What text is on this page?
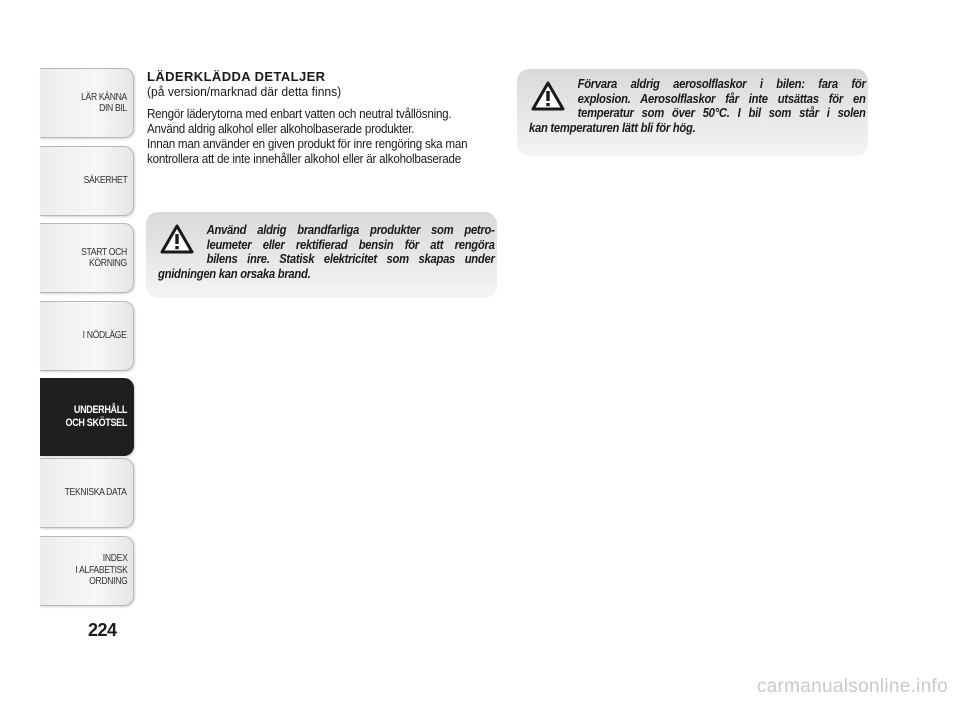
LÄR KÄNNA
DIN BIL
SÄKERHET
START OCH
KÖRNING
I NÖDLÄGE
UNDERHÅLL
OCH SKÖTSEL
TEKNISKA DATA
INDEX
I ALFABETISK
ORDNING
224
LÄDERKLÄDDA DETALJER

(på version/marknad där detta finns)

Rengör läderytorna med enbart vatten och neutral tvållösning.
Använd aldrig alkohol eller alkoholbaserade produkter.
Innan man använder en given produkt för inre rengöring ska man
kontrollera att de inte innehåller alkohol eller är alkoholbaserade

Använd aldrig brandfarliga produkter som petro-
leumeter eller rektifierad bensin för att rengöra
bilens inre. Statisk elektricitet som skapas under
gnidningen kan orsaka brand.

Förvara aldrig aerosolflaskor i bilen: fara för
explosion. Aerosolflaskor får inte utsättas för en
temperatur som över 50°C. I bil som står i solen
kan temperaturen lätt bli för hög.

carmanualsonline.info
